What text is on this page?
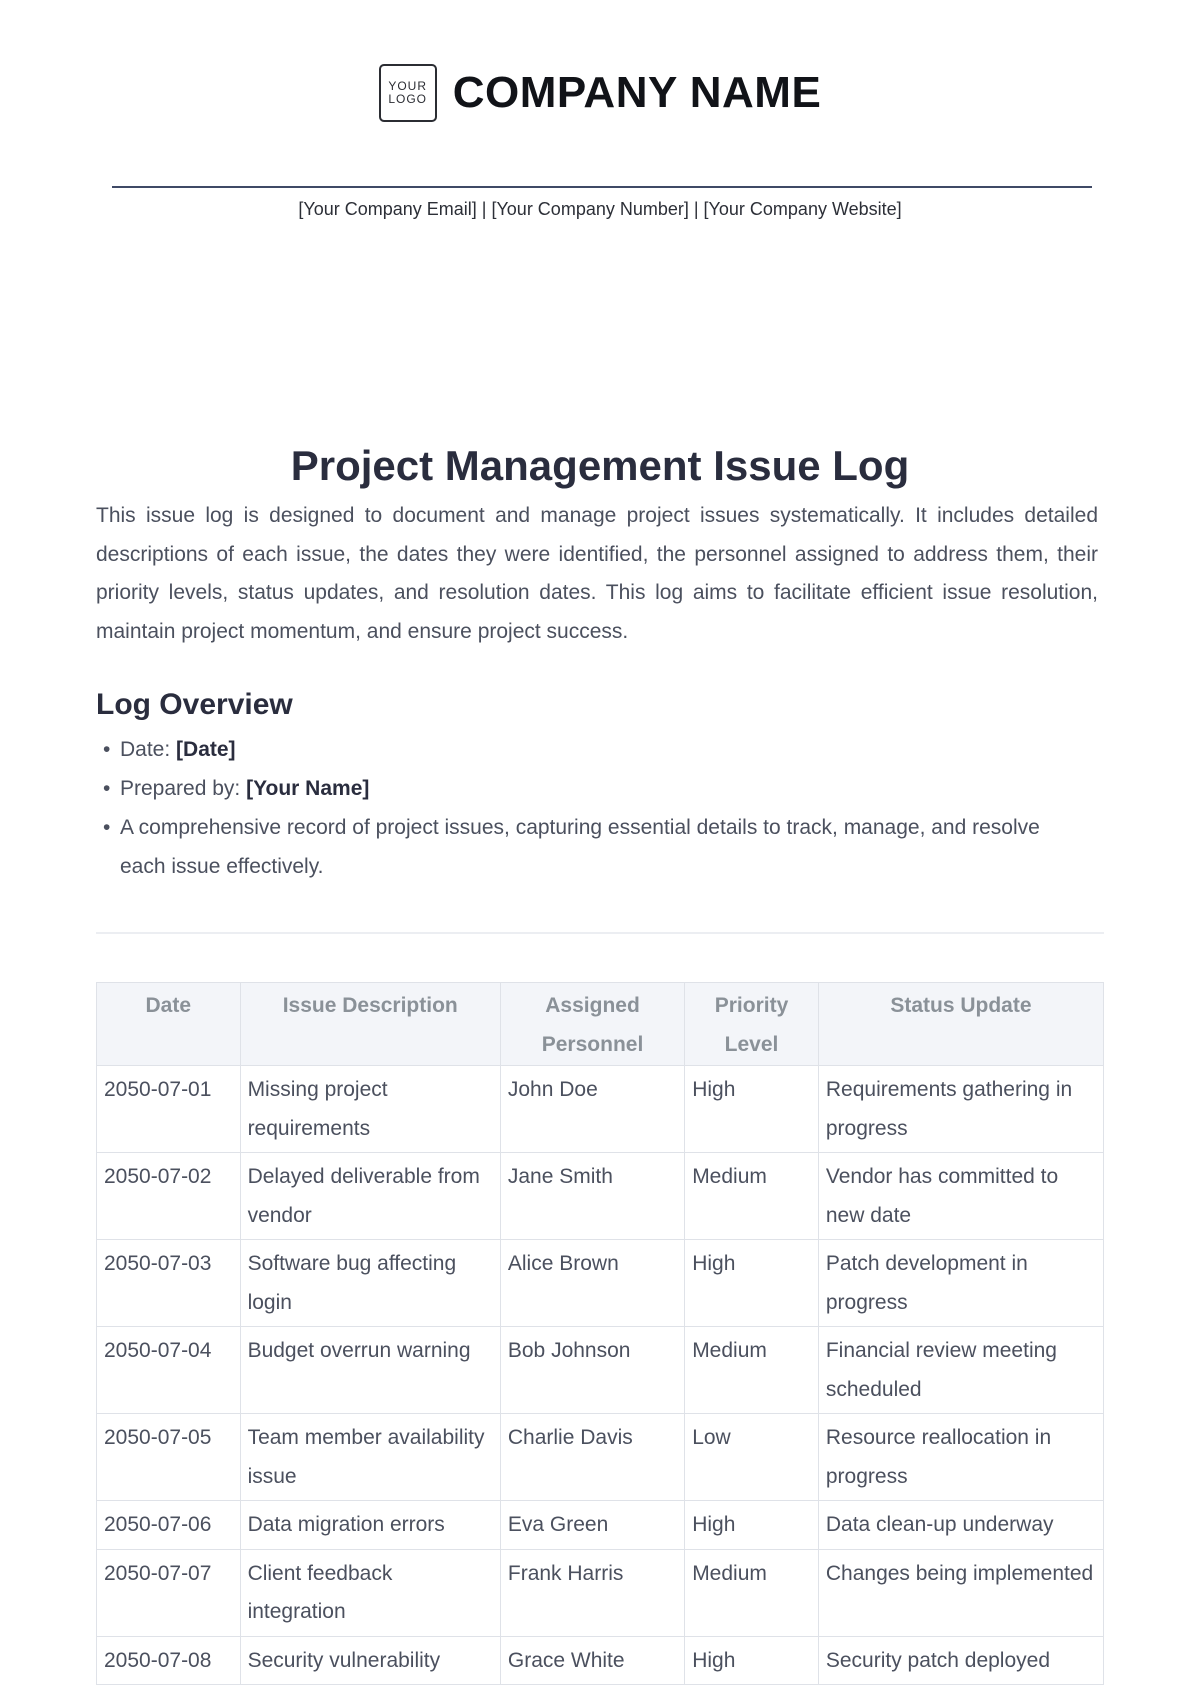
YOUR
LOGO COMPANY NAME
[Your Company Email] | [Your Company Number] | [Your Company Website]
Project Management Issue Log

This issue log is designed to document and manage project issues systematically. It includes detailed descriptions of each issue, the dates they were identified, the personnel assigned to address them, their priority levels, status updates, and resolution dates. This log aims to facilitate efficient issue resolution, maintain project momentum, and ensure project success.

Log Overview
• Date: [Date]
• Prepared by: [Your Name]
• A comprehensive record of project issues, capturing essential details to track, manage, and resolve each issue effectively.
Date	Issue Description	Assigned Personnel	Priority Level	Status Update
2050-07-01	Missing project requirements	John Doe	High	Requirements gathering in progress
2050-07-02	Delayed deliverable from vendor	Jane Smith	Medium	Vendor has committed to new date
2050-07-03	Software bug affecting login	Alice Brown	High	Patch development in progress
2050-07-04	Budget overrun warning	Bob Johnson	Medium	Financial review meeting scheduled
2050-07-05	Team member availability issue	Charlie Davis	Low	Resource reallocation in progress
2050-07-06	Data migration errors	Eva Green	High	Data clean-up underway
2050-07-07	Client feedback integration	Frank Harris	Medium	Changes being implemented
2050-07-08	Security vulnerability	Grace White	High	Security patch deployed
